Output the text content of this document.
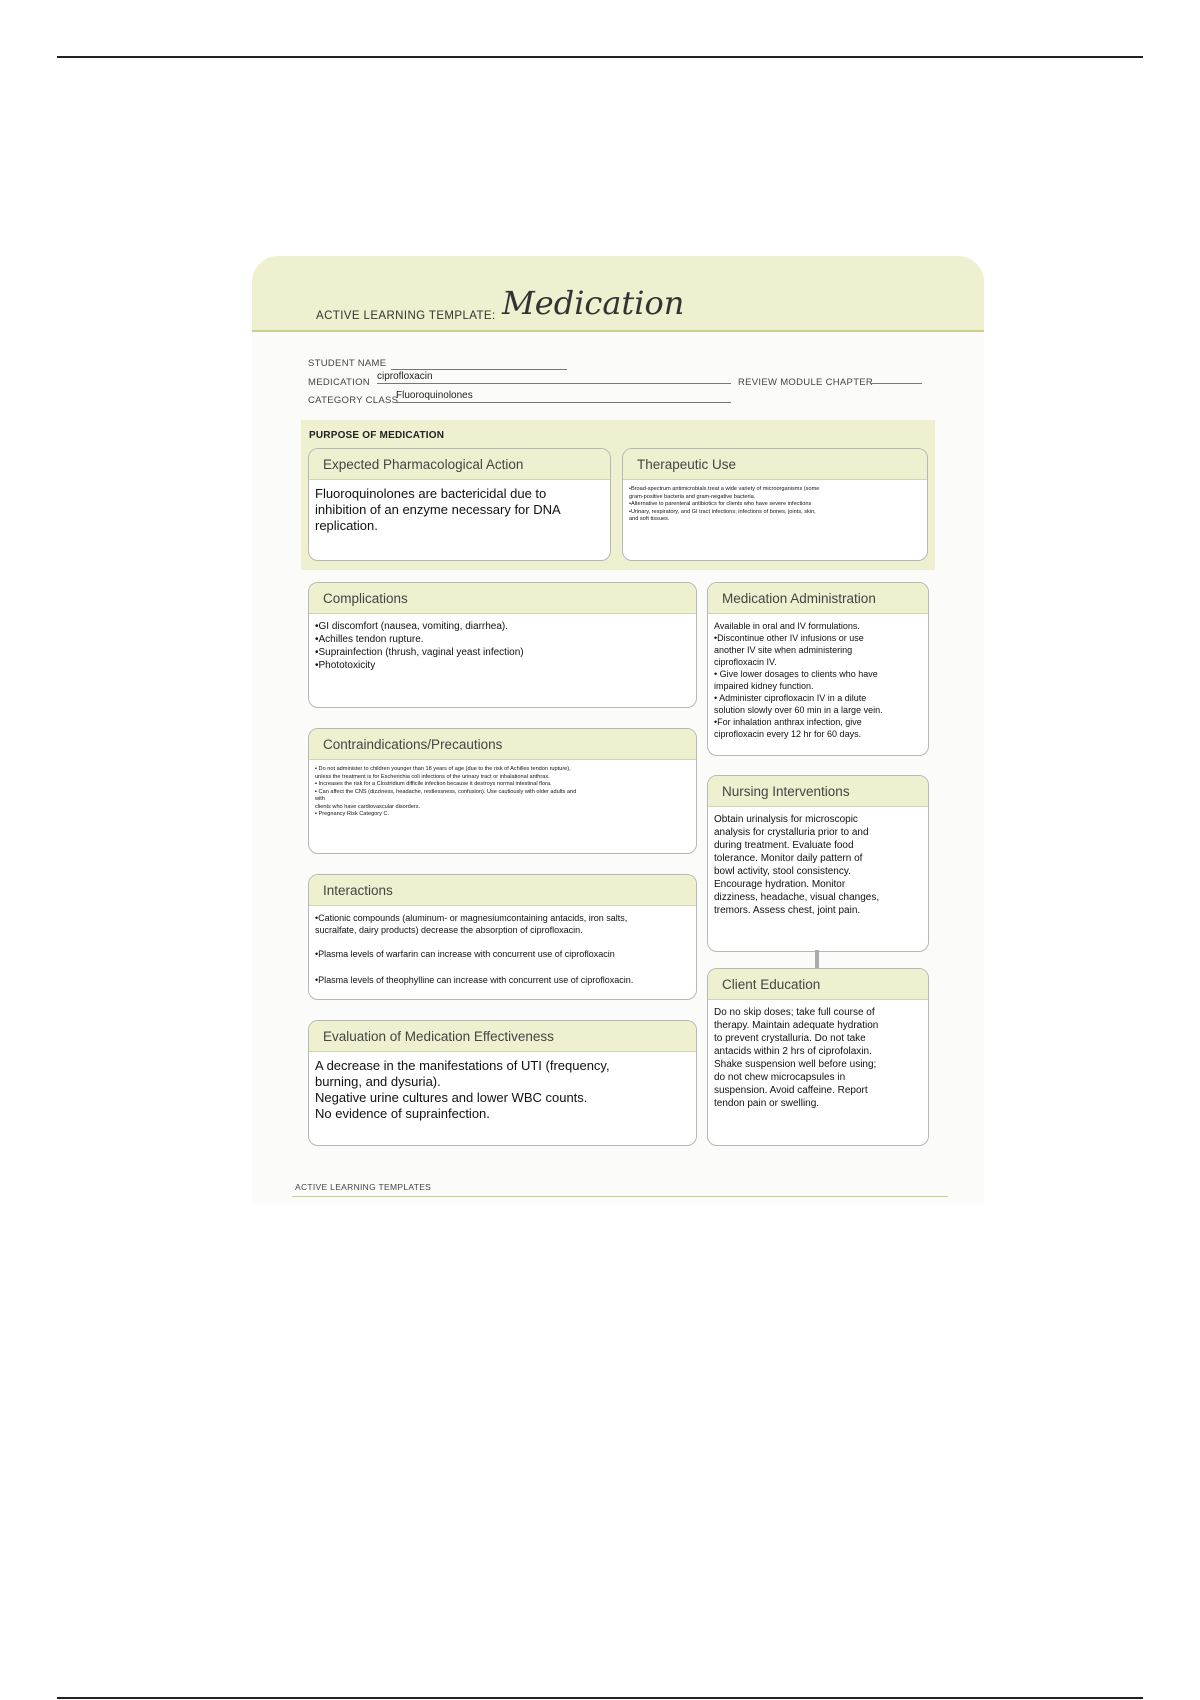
ACTIVE LEARNING TEMPLATE: Medication
STUDENT NAME
MEDICATION
ciprofloxacin
REVIEW MODULE CHAPTER
CATEGORY CLASS
Fluoroquinolones
PURPOSE OF MEDICATION
Expected Pharmacological Action
Fluoroquinolones are bactericidal due to
inhibition of an enzyme necessary for DNA
replication.
Therapeutic Use
•Broad-spectrum antimicrobials treat a wide variety of microorganisms (some
gram-positive bacteria and gram-negative bacteria.
•Alternative to parenteral antibiotics for clients who have severe infections
•Urinary, respiratory, and GI tract infections; infections of bones, joints, skin,
and soft tissues.
Complications
•GI discomfort (nausea, vomiting, diarrhea).
•Achilles tendon rupture.
•Suprainfection (thrush, vaginal yeast infection)
•Phototoxicity
Contraindications/Precautions
▪ Do not administer to children younger than 18 years of age (due to the risk of Achilles tendon rupture),
unless the treatment is for Escherichia coli infections of the urinary tract or inhalational anthrax.
▪ Increases the risk for a Clostridium difficile infection because it destroys normal intestinal flora.
▪ Can affect the CNS (dizziness, headache, restlessness, confusion). Use cautiously with older adults and
with
clients who have cardiovascular disorders.
▪ Pregnancy Risk Category C.
Interactions
•Cationic compounds (aluminum- or magnesiumcontaining antacids, iron salts,
sucralfate, dairy products) decrease the absorption of ciprofloxacin.
•Plasma levels of warfarin can increase with concurrent use of ciprofloxacin
•Plasma levels of theophylline can increase with concurrent use of ciprofloxacin.
Evaluation of Medication Effectiveness
A decrease in the manifestations of UTI (frequency,
burning, and dysuria).
Negative urine cultures and lower WBC counts.
No evidence of suprainfection.
Medication Administration
Available in oral and IV formulations.
•Discontinue other IV infusions or use
another IV site when administering
ciprofloxacin IV.
• Give lower dosages to clients who have
impaired kidney function.
• Administer ciprofloxacin IV in a dilute
solution slowly over 60 min in a large vein.
•For inhalation anthrax infection, give
ciprofloxacin every 12 hr for 60 days.
Nursing Interventions
Obtain urinalysis for microscopic
analysis for crystalluria prior to and
during treatment. Evaluate food
tolerance. Monitor daily pattern of
bowl activity, stool consistency.
Encourage hydration. Monitor
dizziness, headache, visual changes,
tremors. Assess chest, joint pain.
Client Education
Do no skip doses; take full course of
therapy. Maintain adequate hydration
to prevent crystalluria. Do not take
antacids within 2 hrs of ciprofolaxin.
Shake suspension well before using;
do not chew microcapsules in
suspension. Avoid caffeine. Report
tendon pain or swelling.
ACTIVE LEARNING TEMPLATES
